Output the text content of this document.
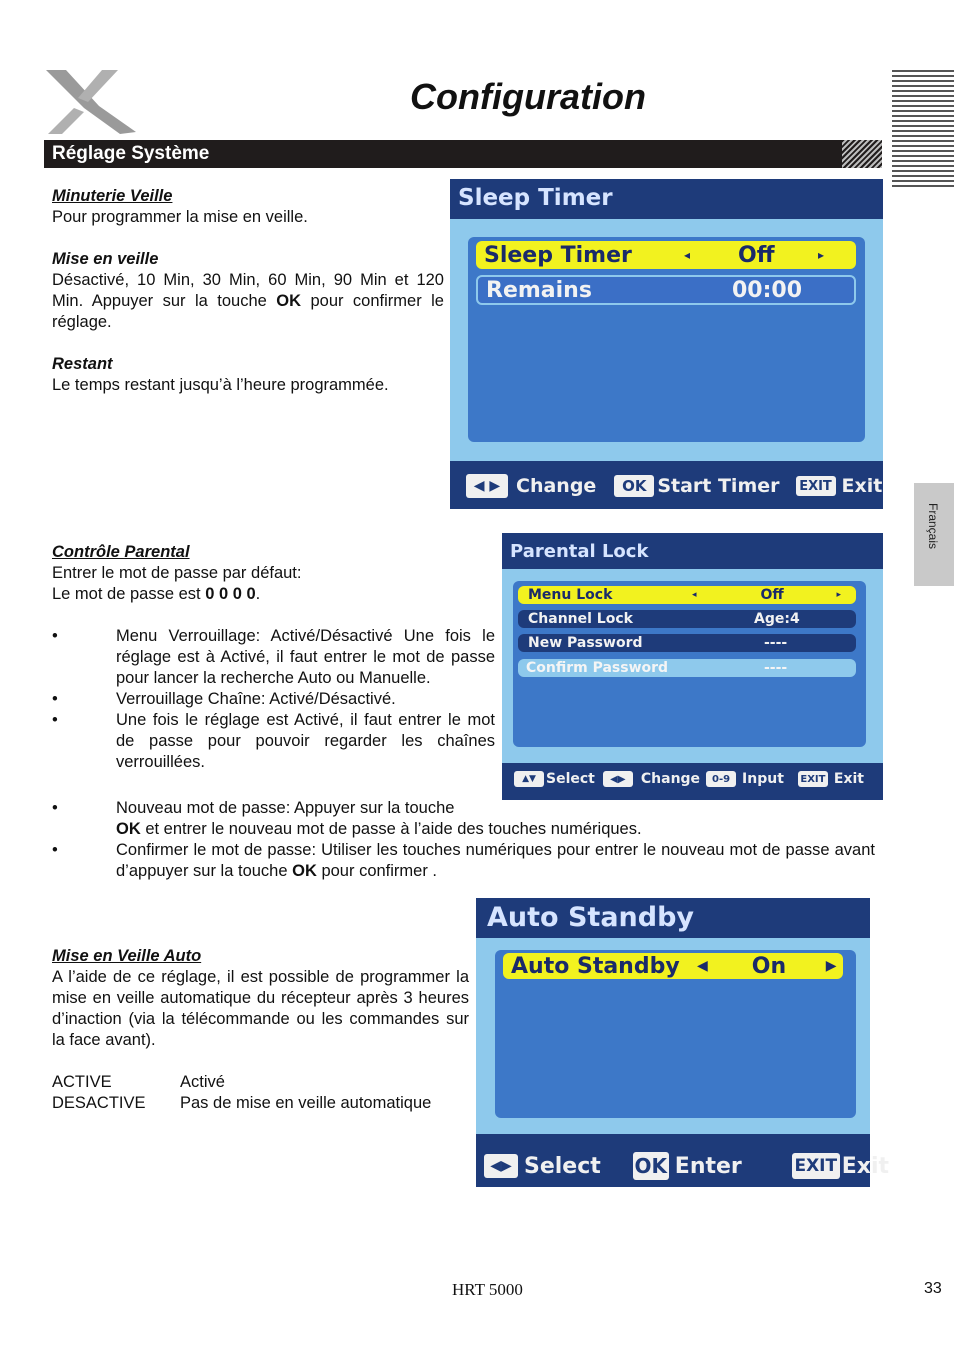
Configuration
Réglage Système
Français
Minuterie Veille
Pour programmer la mise en veille.
Mise en veille
Désactivé, 10 Min, 30 Min, 60 Min, 90 Min et 120 Min. Appuyer sur la touche OK pour confirmer le réglage.
Restant
Le temps restant jusqu’à l’heure programmée.
Sleep Timer
Sleep Timer	◂ Off	▸
Remains	00:00
◀ ▶ Change	OK Start Timer EXIT Exit
Contrôle Parental
Entrer le mot de passe par défaut:
Le mot de passe est 0 0 0 0.
• Menu Verrouillage: Activé/Désactivé Une fois le réglage est à Activé, il faut entrer le mot de passe pour lancer la recherche Auto ou Manuelle.
• Verrouillage Chaîne: Activé/Désactivé.
• Une fois le réglage est Activé, il faut entrer le mot de passe pour pouvoir regarder les chaînes verrouillées.
• Nouveau mot de passe: Appuyer sur la touche
OK et entrer le nouveau mot de passe à l’aide des touches numériques.
• Confirmer le mot de passe: Utiliser les touches numériques pour entrer le nouveau mot de passe avant d’appuyer sur la touche OK pour confirmer .
Parental Lock
Menu Lock	◂	Off	▸
Channel Lock	Age:4
New Password	----
Confirm Password	----
▲▼ Select	◀▶	Change	0-9 Input EXIT Exit
Mise en Veille Auto
A l’aide de ce réglage, il est possible de programmer la mise en veille automatique du récepteur après 3 heures d’inaction (via la télécommande ou les commandes sur la face avant).
ACTIVE	Activé
DESACTIVE	Pas de mise en veille automatique
Auto Standby
Auto Standby	◀ On	▶
◀▶ Select OK Enter	EXIT Exit
HRT 5000	33
